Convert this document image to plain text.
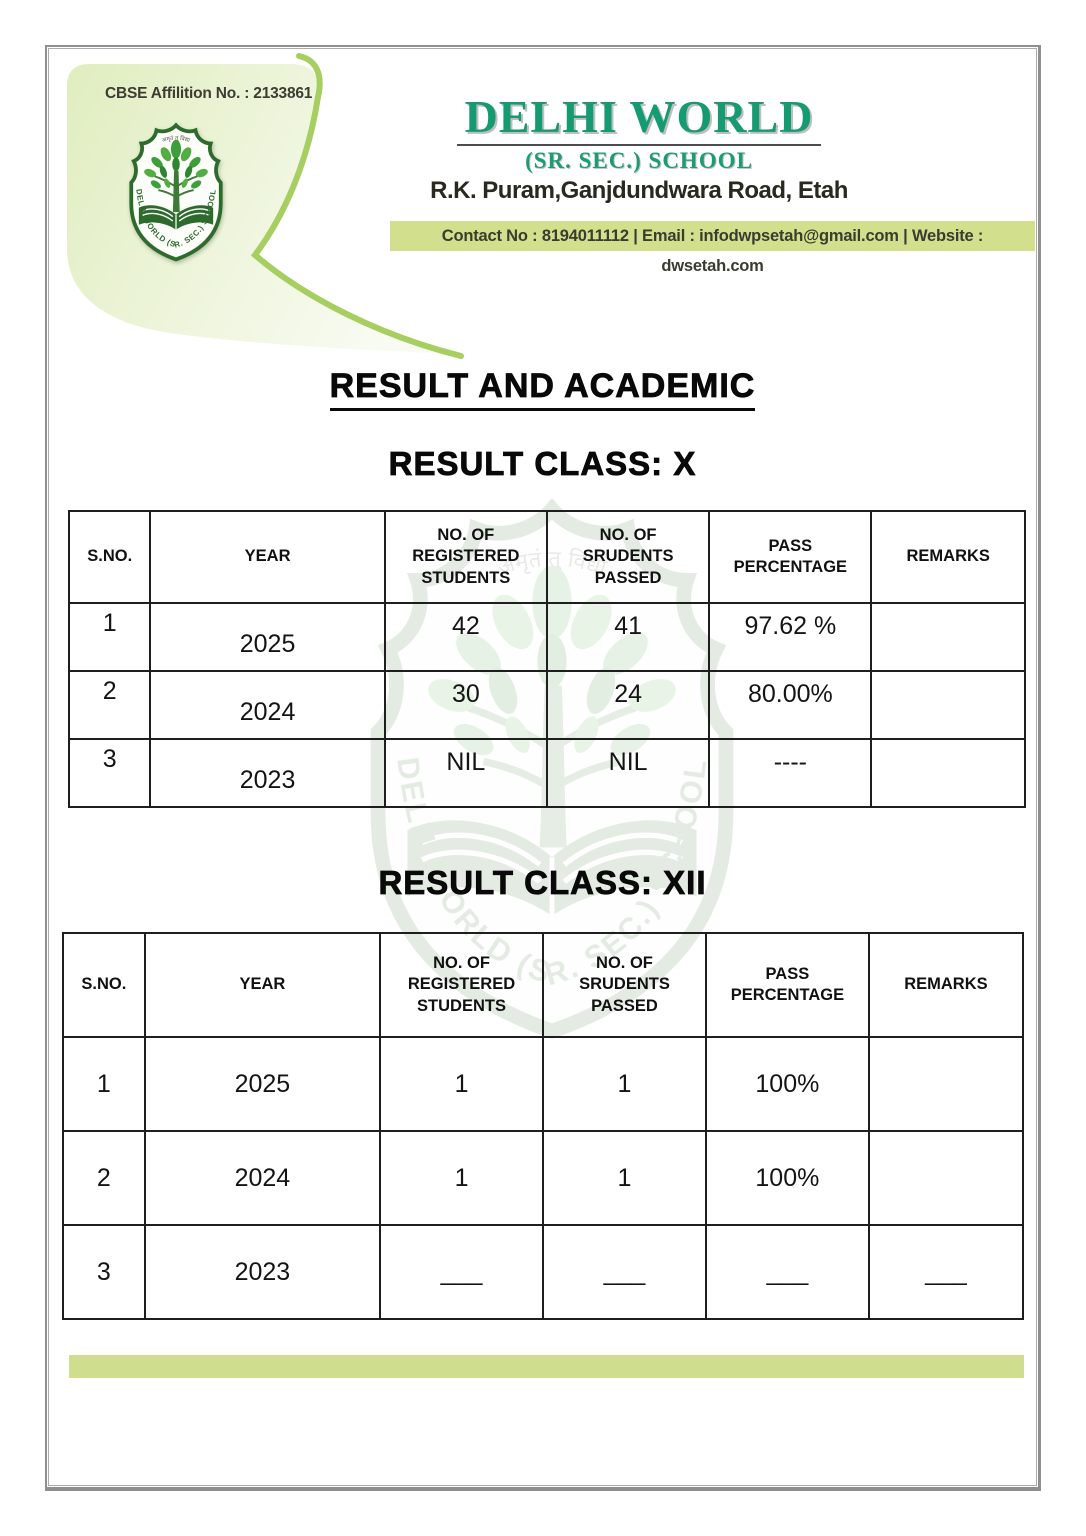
CBSE Affilition No. : 2133861	DELHI WORLD
(SR. SEC.) SCHOOL
R.K. Puram,Ganjdundwara Road, Etah
Contact No : 8194011112 | Email : infodwpsetah@gmail.com | Website : dwsetah.com
RESULT AND ACADEMIC
RESULT CLASS: X
S.NO.	YEAR	NO. OF REGISTERED STUDENTS	NO. OF SRUDENTS PASSED	PASS PERCENTAGE	REMARKS
1	2025	42	41	97.62 %	
2	2024	30	24	80.00%	
3	2023	NIL	NIL	----	
RESULT CLASS: XII
S.NO.	YEAR	NO. OF REGISTERED STUDENTS	NO. OF SRUDENTS PASSED	PASS PERCENTAGE	REMARKS
1	2025	1	1	100%	
2	2024	1	1	100%	
3	2023	___	___	___	___
